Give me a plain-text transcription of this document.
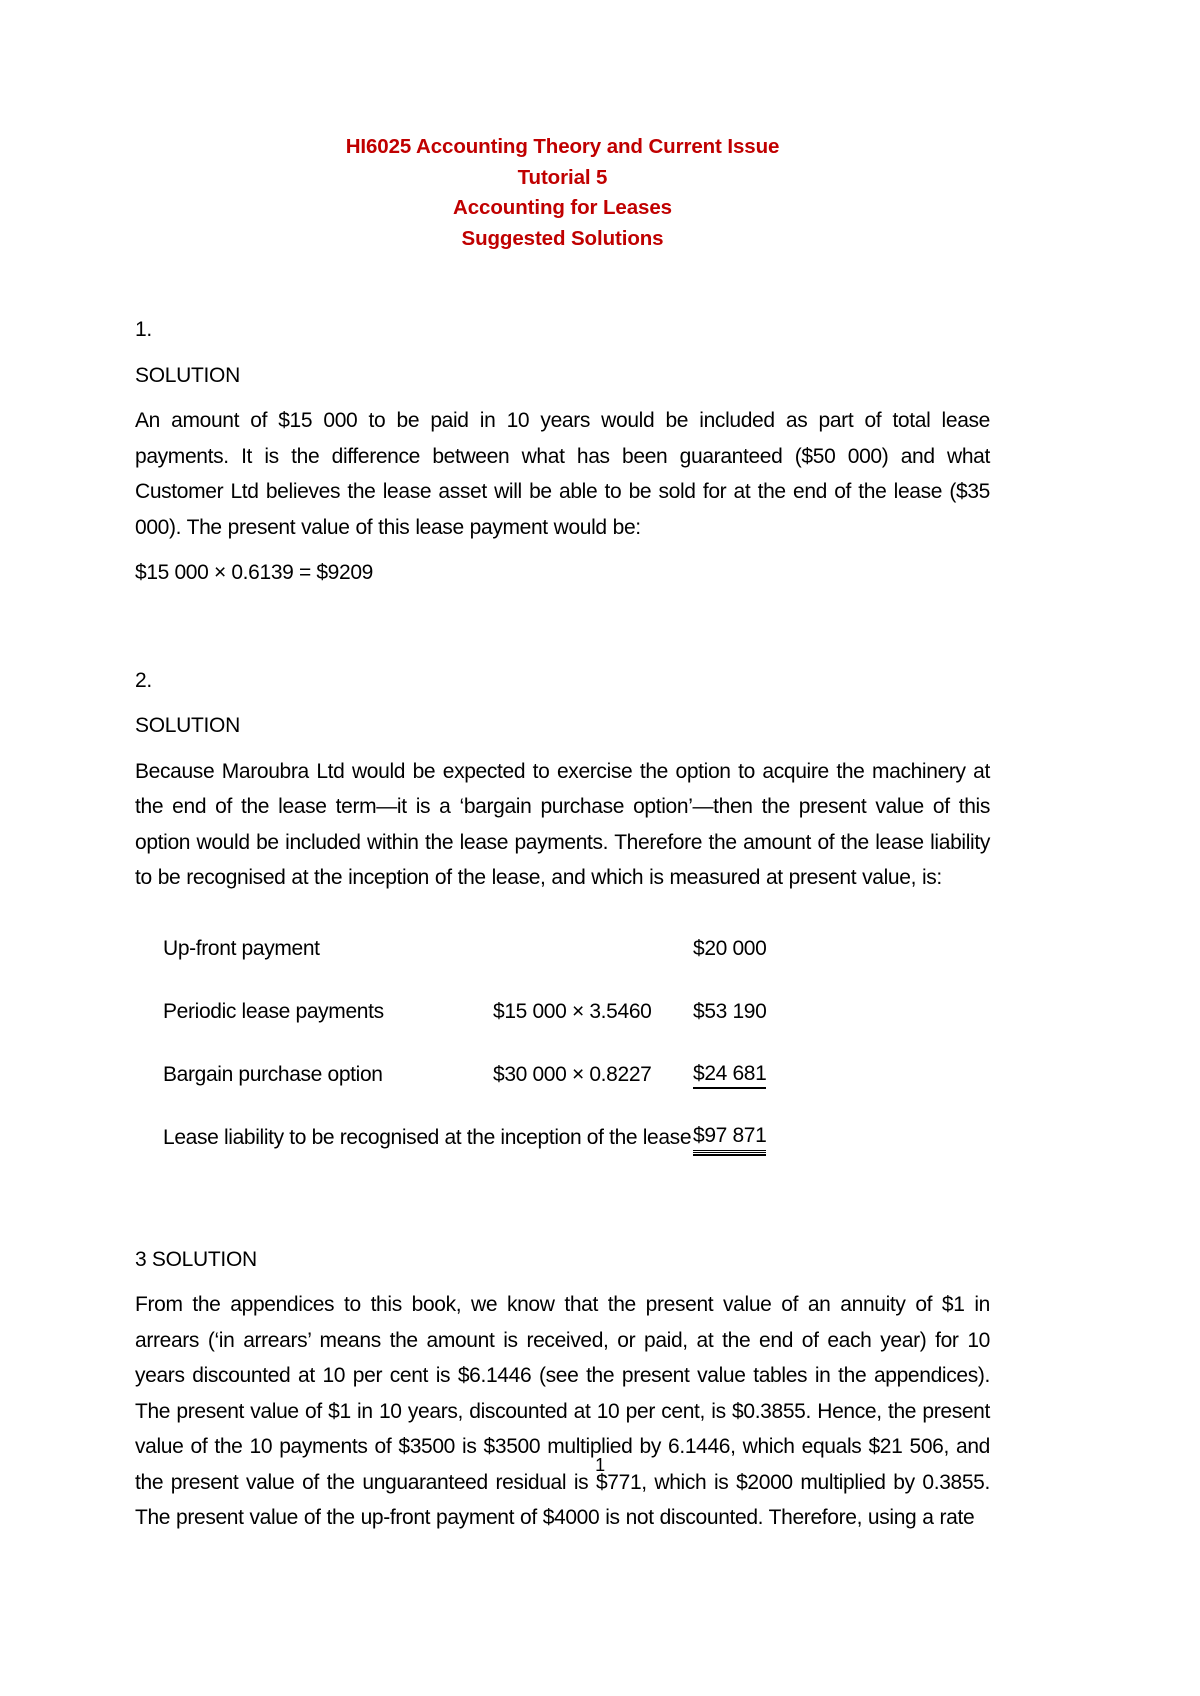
HI6025 Accounting Theory and Current Issue
Tutorial 5
Accounting for Leases
Suggested Solutions
1.
SOLUTION
An amount of $15 000 to be paid in 10 years would be included as part of total lease payments. It is the difference between what has been guaranteed ($50 000) and what Customer Ltd believes the lease asset will be able to be sold for at the end of the lease ($35 000). The present value of this lease payment would be:
$15 000 × 0.6139 = $9209
2.
SOLUTION
Because Maroubra Ltd would be expected to exercise the option to acquire the machinery at the end of the lease term—it is a ‘bargain purchase option’—then the present value of this option would be included within the lease payments. Therefore the amount of the lease liability to be recognised at the inception of the lease, and which is measured at present value, is:
Up-front payment		$20 000
Periodic lease payments	$15 000 × 3.5460	$53 190
Bargain purchase option	$30 000 × 0.8227	$24 681
Lease liability to be recognised at the inception of the lease		$97 871
3 SOLUTION
From the appendices to this book, we know that the present value of an annuity of $1 in arrears (‘in arrears’ means the amount is received, or paid, at the end of each year) for 10 years discounted at 10 per cent is $6.1446 (see the present value tables in the appendices). The present value of $1 in 10 years, discounted at 10 per cent, is $0.3855. Hence, the present value of the 10 payments of $3500 is $3500 multiplied by 6.1446, which equals $21 506, and the present value of the unguaranteed residual is $771, which is $2000 multiplied by 0.3855. The present value of the up-front payment of $4000 is not discounted. Therefore, using a rate
1
